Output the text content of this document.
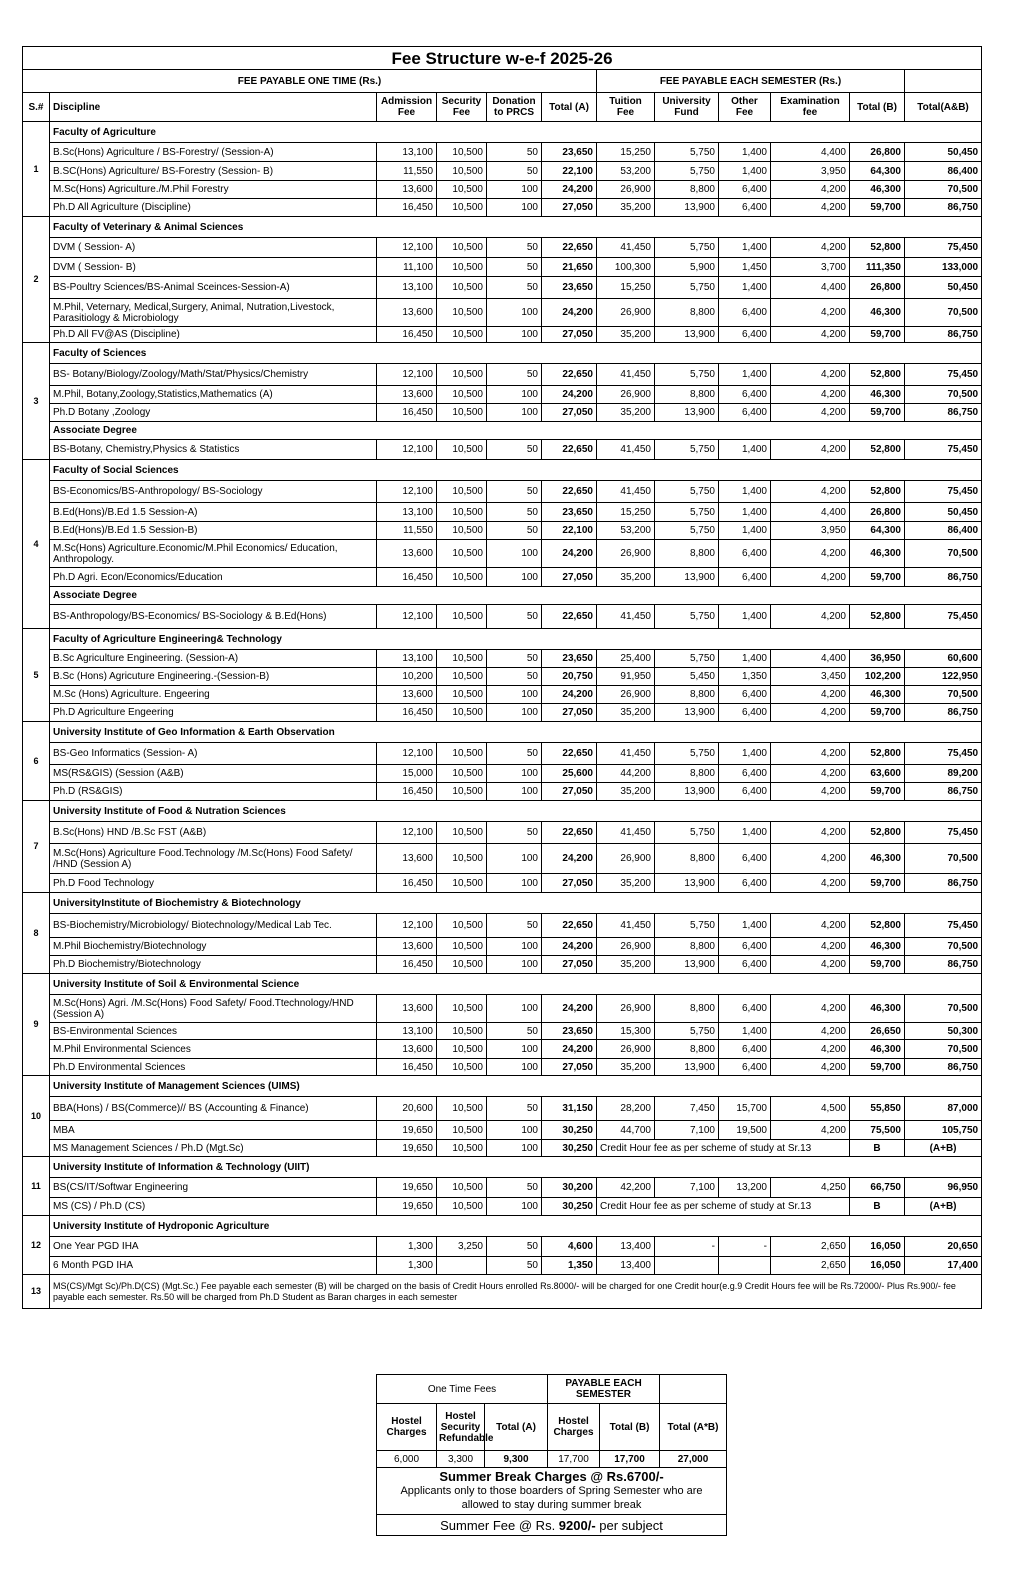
Fee Structure w-e-f 2025-26											
FEE PAYABLE ONE TIME (Rs.)						FEE PAYABLE EACH SEMESTER (Rs.)					
S.#	Discipline	Admission Fee	Security Fee	Donation to PRCS	Total (A)	Tuition Fee	University Fund	Other Fee	Examination fee	Total (B)	Total(A&B)
1	Faculty of Agriculture										
	B.Sc(Hons) Agriculture / BS-Forestry/ (Session-A)	13,100	10,500	50	23,650	15,250	5,750	1,400	4,400	26,800	50,450
	B.SC(Hons) Agriculture/ BS-Forestry (Session- B)	11,550	10,500	50	22,100	53,200	5,750	1,400	3,950	64,300	86,400
	M.Sc(Hons) Agriculture./M.Phil Forestry	13,600	10,500	100	24,200	26,900	8,800	6,400	4,200	46,300	70,500
	Ph.D All Agriculture (Discipline)	16,450	10,500	100	27,050	35,200	13,900	6,400	4,200	59,700	86,750
2	Faculty of Veterinary & Animal Sciences										
	DVM ( Session- A)	12,100	10,500	50	22,650	41,450	5,750	1,400	4,200	52,800	75,450
	DVM ( Session- B)	11,100	10,500	50	21,650	100,300	5,900	1,450	3,700	111,350	133,000
	BS-Poultry Sciences/BS-Animal Sceinces-Session-A)	13,100	10,500	50	23,650	15,250	5,750	1,400	4,400	26,800	50,450
	M.Phil, Veternary, Medical,Surgery, Animal, Nutration,Livestock, Parasitiology & Microbiology	13,600	10,500	100	24,200	26,900	8,800	6,400	4,200	46,300	70,500
	Ph.D All FV@AS (Discipline)	16,450	10,500	100	27,050	35,200	13,900	6,400	4,200	59,700	86,750
3	Faculty of Sciences										
	BS- Botany/Biology/Zoology/Math/Stat/Physics/Chemistry	12,100	10,500	50	22,650	41,450	5,750	1,400	4,200	52,800	75,450
	M.Phil, Botany,Zoology,Statistics,Mathematics (A)	13,600	10,500	100	24,200	26,900	8,800	6,400	4,200	46,300	70,500
	Ph.D Botany ,Zoology	16,450	10,500	100	27,050	35,200	13,900	6,400	4,200	59,700	86,750
	Associate Degree										
	BS-Botany, Chemistry,Physics & Statistics	12,100	10,500	50	22,650	41,450	5,750	1,400	4,200	52,800	75,450
4	Faculty of Social Sciences										
	BS-Economics/BS-Anthropology/ BS-Sociology	12,100	10,500	50	22,650	41,450	5,750	1,400	4,200	52,800	75,450
	B.Ed(Hons)/B.Ed 1.5 Session-A)	13,100	10,500	50	23,650	15,250	5,750	1,400	4,400	26,800	50,450
	B.Ed(Hons)/B.Ed 1.5 Session-B)	11,550	10,500	50	22,100	53,200	5,750	1,400	3,950	64,300	86,400
	M.Sc(Hons) Agriculture.Economic/M.Phil Economics/ Education, Anthropology.	13,600	10,500	100	24,200	26,900	8,800	6,400	4,200	46,300	70,500
	Ph.D Agri. Econ/Economics/Education	16,450	10,500	100	27,050	35,200	13,900	6,400	4,200	59,700	86,750
	Associate Degree										
	BS-Anthropology/BS-Economics/ BS-Sociology & B.Ed(Hons)	12,100	10,500	50	22,650	41,450	5,750	1,400	4,200	52,800	75,450
5	Faculty of Agriculture Engineering& Technology										
	B.Sc Agriculture Engineering. (Session-A)	13,100	10,500	50	23,650	25,400	5,750	1,400	4,400	36,950	60,600
	B.Sc (Hons) Agricuture Engineering.-(Session-B)	10,200	10,500	50	20,750	91,950	5,450	1,350	3,450	102,200	122,950
	M.Sc (Hons) Agriculture. Engeering	13,600	10,500	100	24,200	26,900	8,800	6,400	4,200	46,300	70,500
	Ph.D Agriculture Engeering	16,450	10,500	100	27,050	35,200	13,900	6,400	4,200	59,700	86,750
6	University Institute of Geo Information & Earth Observation										
	BS-Geo Informatics (Session- A)	12,100	10,500	50	22,650	41,450	5,750	1,400	4,200	52,800	75,450
	MS(RS&GIS) (Session (A&B)	15,000	10,500	100	25,600	44,200	8,800	6,400	4,200	63,600	89,200
	Ph.D (RS&GIS)	16,450	10,500	100	27,050	35,200	13,900	6,400	4,200	59,700	86,750
7	University Institute of Food & Nutration Sciences										
	B.Sc(Hons) HND /B.Sc FST (A&B)	12,100	10,500	50	22,650	41,450	5,750	1,400	4,200	52,800	75,450
	M.Sc(Hons) Agriculture Food.Technology /M.Sc(Hons) Food Safety/ /HND (Session A)	13,600	10,500	100	24,200	26,900	8,800	6,400	4,200	46,300	70,500
	Ph.D Food Technology	16,450	10,500	100	27,050	35,200	13,900	6,400	4,200	59,700	86,750
8	UniversityInstitute of Biochemistry & Biotechnology										
	BS-Biochemistry/Microbiology/ Biotechnology/Medical Lab Tec.	12,100	10,500	50	22,650	41,450	5,750	1,400	4,200	52,800	75,450
	M.Phil Biochemistry/Biotechnology	13,600	10,500	100	24,200	26,900	8,800	6,400	4,200	46,300	70,500
	Ph.D Biochemistry/Biotechnology	16,450	10,500	100	27,050	35,200	13,900	6,400	4,200	59,700	86,750
9	University Institute of Soil & Environmental Science										
	M.Sc(Hons) Agri. /M.Sc(Hons) Food Safety/ Food.Ttechnology/HND (Session A)	13,600	10,500	100	24,200	26,900	8,800	6,400	4,200	46,300	70,500
	BS-Environmental Sciences	13,100	10,500	50	23,650	15,300	5,750	1,400	4,200	26,650	50,300
	M.Phil Environmental Sciences	13,600	10,500	100	24,200	26,900	8,800	6,400	4,200	46,300	70,500
	Ph.D Environmental Sciences	16,450	10,500	100	27,050	35,200	13,900	6,400	4,200	59,700	86,750
10	University Institute of Management Sciences (UIMS)										
	BBA(Hons) / BS(Commerce)// BS (Accounting & Finance)	20,600	10,500	50	31,150	28,200	7,450	15,700	4,500	55,850	87,000
	MBA	19,650	10,500	100	30,250	44,700	7,100	19,500	4,200	75,500	105,750
	MS Management Sciences / Ph.D (Mgt.Sc)	19,650	10,500	100	30,250	Credit Hour fee as per scheme of study at Sr.13				B	(A+B)
11	University Institute of Information & Technology (UIIT)										
	BS(CS/IT/Softwar Engineering	19,650	10,500	50	30,200	42,200	7,100	13,200	4,250	66,750	96,950
	MS (CS) / Ph.D (CS)	19,650	10,500	100	30,250	Credit Hour fee as per scheme of study at Sr.13				B	(A+B)
12	University Institute of Hydroponic Agriculture										
	One Year PGD IHA	1,300	3,250	50	4,600	13,400	-	-	2,650	16,050	20,650
	6 Month PGD IHA	1,300		50	1,350	13,400			2,650	16,050	17,400
13	MS(CS)/Mgt Sc)/Ph.D(CS) (Mgt.Sc.) Fee payable each semester (B) will be charged on the basis of Credit Hours enrolled Rs.8000/- will be charged for one Credit hour(e.g.9 Credit Hours fee will be Rs.72000/- Plus Rs.900/- fee payable each semester. Rs.50 will be charged from Ph.D Student as Baran charges in each semester										
One Time Fees			PAYABLE EACH SEMESTER		
Hostel Charges	Hostel Security Refundable	Total (A)	Hostel Charges	Total (B)	Total (A*B)
6,000	3,300	9,300	17,700	17,700	27,000

Summer Break Charges @ Rs.6700/-
Applicants only to those boarders of Spring Semester who are allowed to stay during summer break					

Summer Fee @ Rs. 9200/- per subject					
